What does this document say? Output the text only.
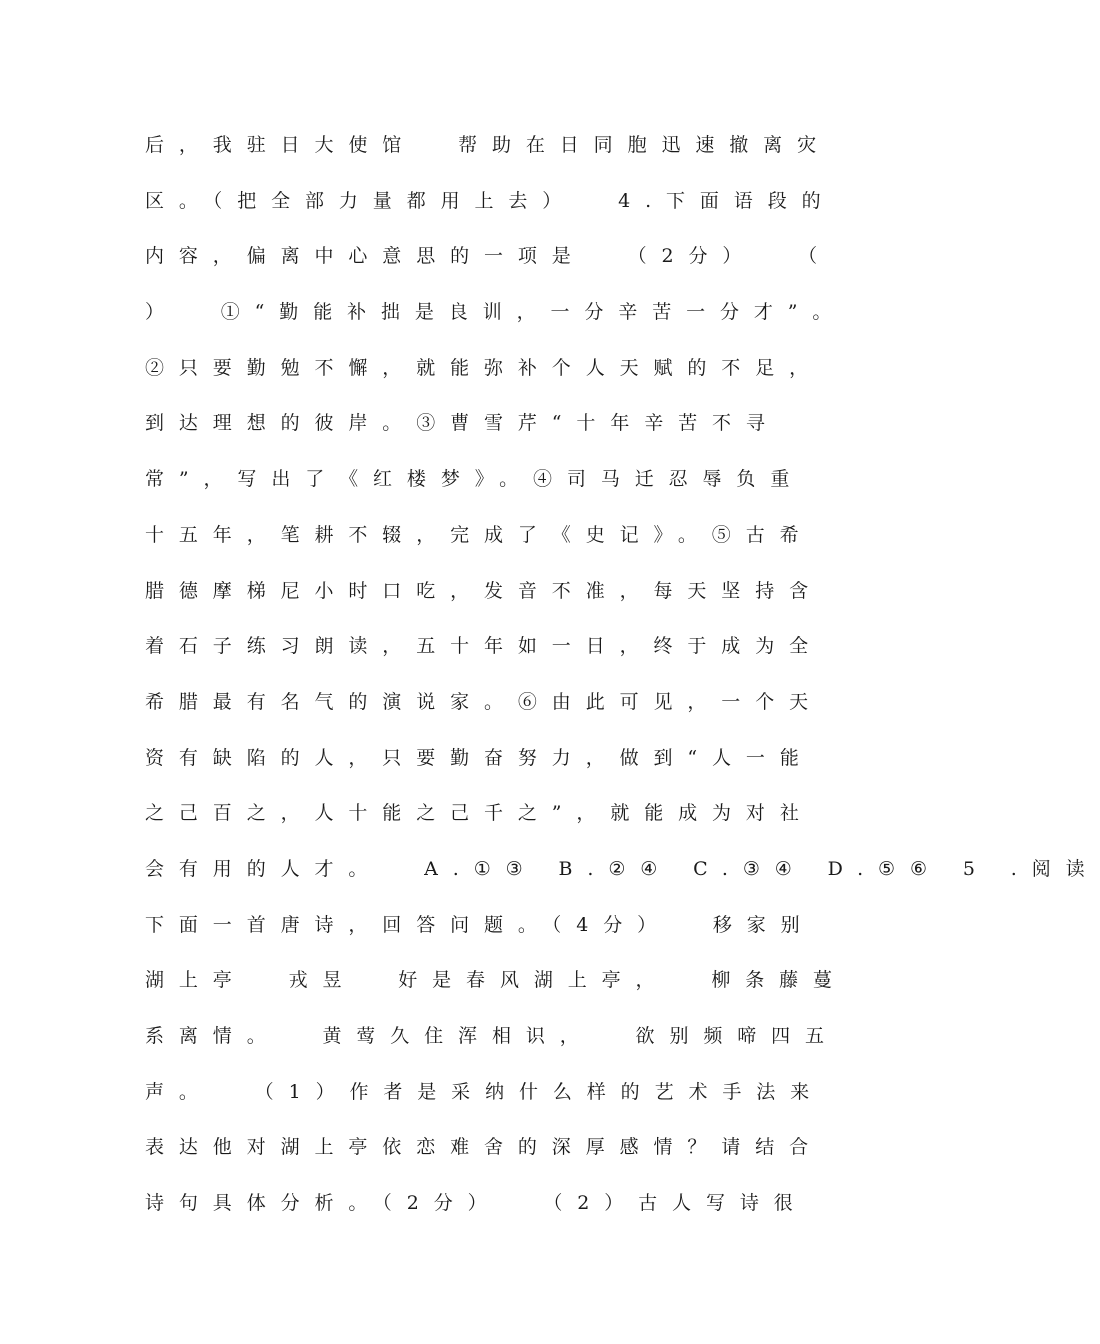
后，我驻日大使馆  帮助在日同胞迅速撤离灾
区。（把全部力量都用上去）  4.下面语段的
内容，偏离中心意思的一项是  （2分）  （
）  ①“勤能补拙是良训，一分辛苦一分才”。
②只要勤勉不懈，就能弥补个人天赋的不足，
到达理想的彼岸。③曹雪芹“十年辛苦不寻
常”，写出了《红楼梦》。④司马迁忍辱负重
十五年，笔耕不辍，完成了《史记》。⑤古希
腊德摩梯尼小时口吃，发音不准，每天坚持含
着石子练习朗读，五十年如一日，终于成为全
希腊最有名气的演说家。⑥由此可见，一个天
资有缺陷的人，只要勤奋努力，做到“人一能
之己百之，人十能之己千之”，就能成为对社
会有用的人才。  A.①③ B.②④ C.③④ D.⑤⑥ 5 .阅读
下面一首唐诗，回答问题。（4分）  移家别
湖上亭  戎昱  好是春风湖上亭，  柳条藤蔓
系离情。  黄莺久住浑相识，  欲别频啼四五
声。  （1）作者是采纳什么样的艺术手法来
表达他对湖上亭依恋难舍的深厚感情？请结合
诗句具体分析。（2分）  （2）古人写诗很
